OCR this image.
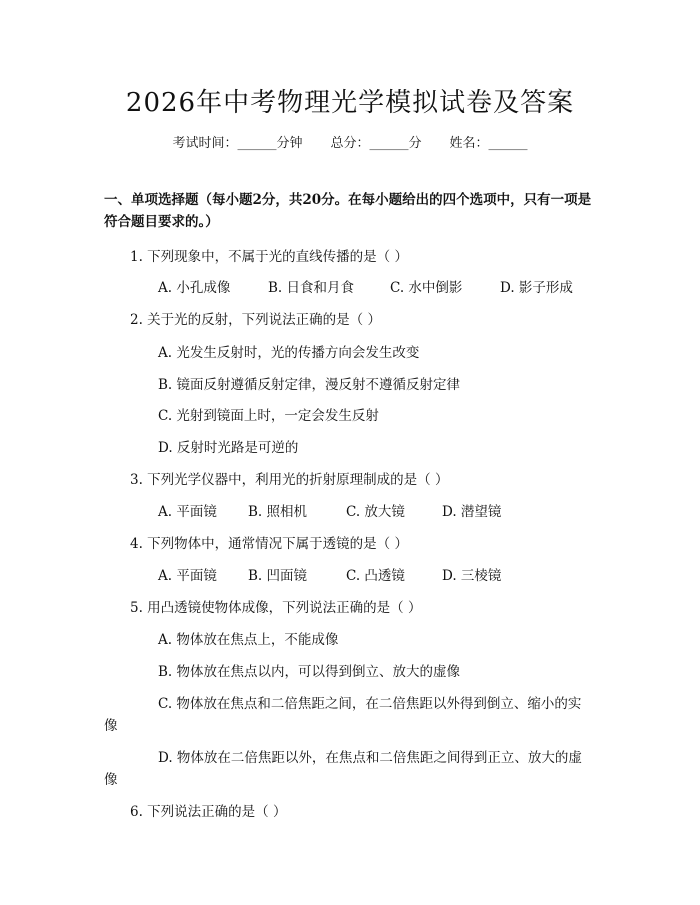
2026年中考物理光学模拟试卷及答案
考试时间：______分钟 总分：______分 姓名：______
一、单项选择题（每小题2分，共20分。在每小题给出的四个选项中，只有一项是符合题目要求的。）
1. 下列现象中，不属于光的直线传播的是（ ）
A. 小孔成像	B. 日食和月食	C. 水中倒影	D. 影子形成
2. 关于光的反射，下列说法正确的是（ ）
A. 光发生反射时，光的传播方向会发生改变
B. 镜面反射遵循反射定律，漫反射不遵循反射定律
C. 光射到镜面上时，一定会发生反射
D. 反射时光路是可逆的
3. 下列光学仪器中，利用光的折射原理制成的是（ ）
A. 平面镜 B. 照相机	C. 放大镜	D. 潜望镜
4. 下列物体中，通常情况下属于透镜的是（ ）
A. 平面镜 B. 凹面镜	C. 凸透镜	D. 三棱镜
5. 用凸透镜使物体成像，下列说法正确的是（ ）
A. 物体放在焦点上，不能成像
B. 物体放在焦点以内，可以得到倒立、放大的虚像
C. 物体放在焦点和二倍焦距之间，在二倍焦距以外得到倒立、缩小的实
像
D. 物体放在二倍焦距以外，在焦点和二倍焦距之间得到正立、放大的虚
像
6. 下列说法正确的是（ ）
